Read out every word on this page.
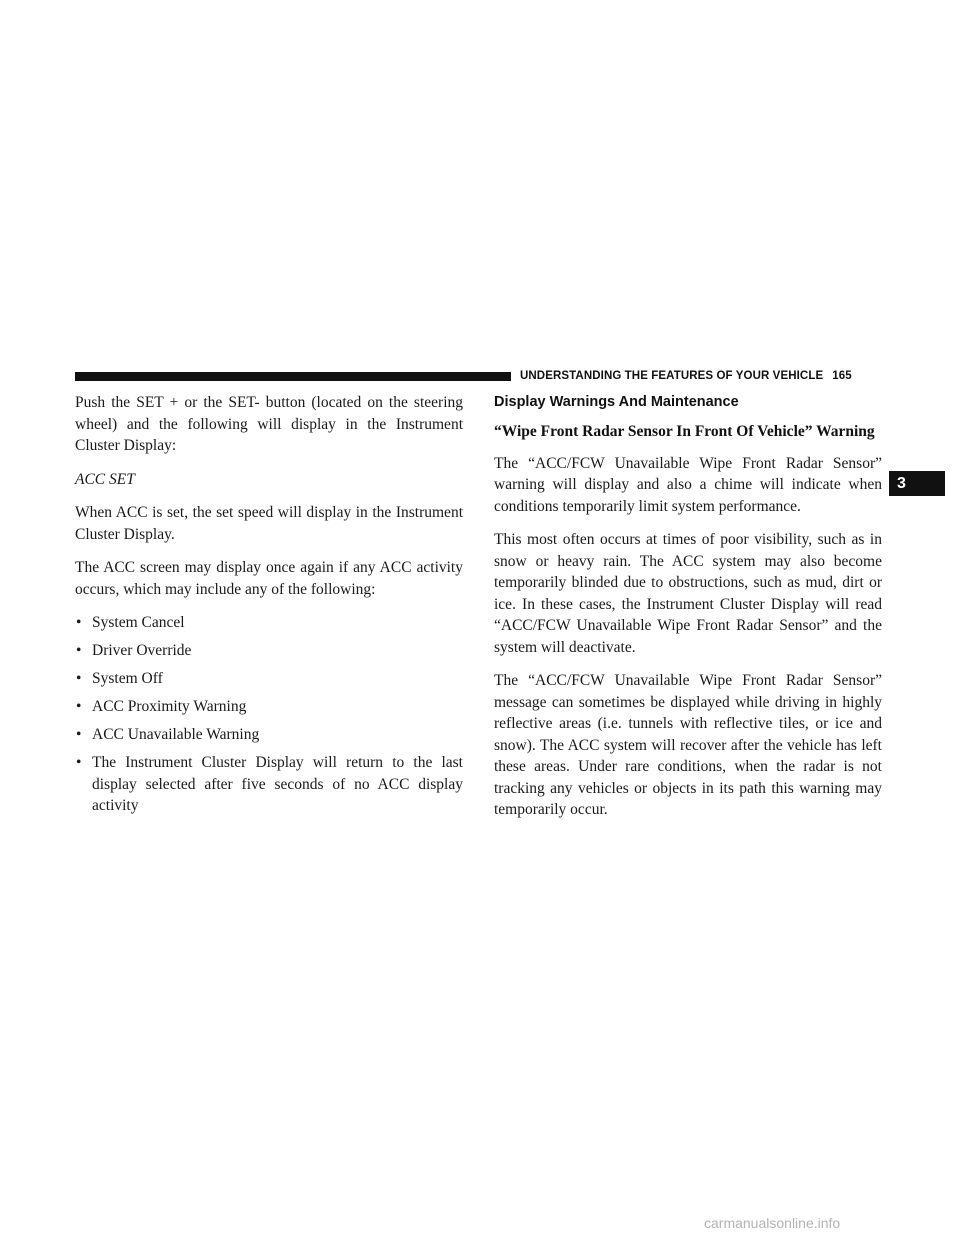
UNDERSTANDING THE FEATURES OF YOUR VEHICLE 165
3

Push the SET + or the SET- button (located on the steering wheel) and the following will display in the Instrument Cluster Display:

ACC SET

When ACC is set, the set speed will display in the Instrument Cluster Display.

The ACC screen may display once again if any ACC activity occurs, which may include any of the following:

• System Cancel
• Driver Override
• System Off
• ACC Proximity Warning
• ACC Unavailable Warning
• The Instrument Cluster Display will return to the last display selected after five seconds of no ACC display activity
Display Warnings And Maintenance
“Wipe Front Radar Sensor In Front Of Vehicle” Warning

The “ACC/FCW Unavailable Wipe Front Radar Sensor” warning will display and also a chime will indicate when conditions temporarily limit system performance.

This most often occurs at times of poor visibility, such as in snow or heavy rain. The ACC system may also become temporarily blinded due to obstructions, such as mud, dirt or ice. In these cases, the Instrument Cluster Display will read “ACC/FCW Unavailable Wipe Front Radar Sensor” and the system will deactivate.

The “ACC/FCW Unavailable Wipe Front Radar Sensor” message can sometimes be displayed while driving in highly reflective areas (i.e. tunnels with reflective tiles, or ice and snow). The ACC system will recover after the vehicle has left these areas. Under rare conditions, when the radar is not tracking any vehicles or objects in its path this warning may temporarily occur.

carmanualsonline.info
